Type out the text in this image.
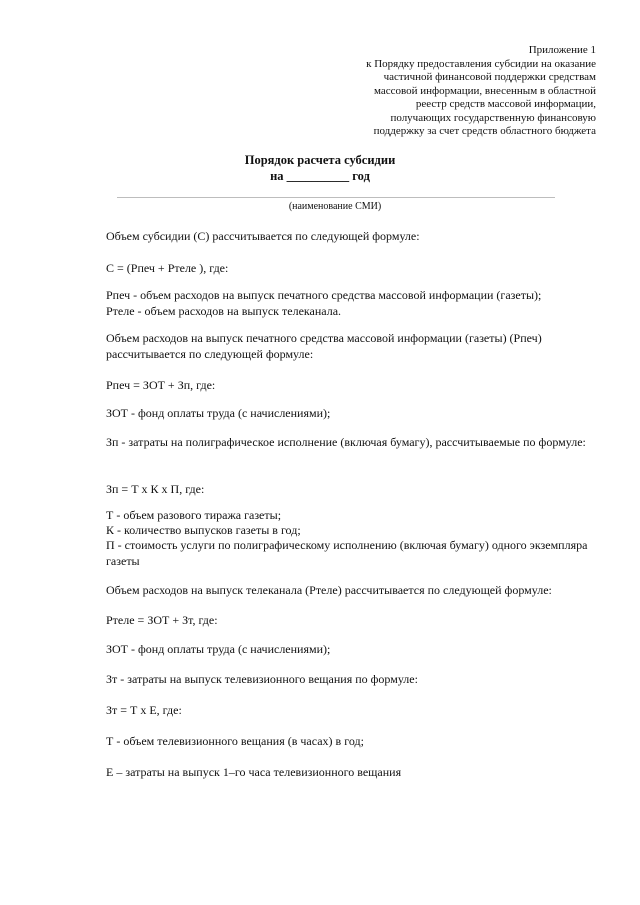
Приложение 1
к Порядку предоставления субсидии на оказание
частичной финансовой поддержки средствам
массовой информации, внесенным в областной
реестр средств массовой информации,
получающих государственную финансовую
поддержку за счет средств областного бюджета
Порядок расчета субсидии
на __________ год
(наименование СМИ)
Объем субсидии (С) рассчитывается по следующей формуле:
С = (Рпеч + Ртеле ), где:
Рпеч - объем расходов на выпуск печатного средства массовой информации (газеты);
Ртеле - объем расходов на выпуск телеканала.
Объем расходов на выпуск печатного средства массовой информации (газеты) (Рпеч) рассчитывается по следующей формуле:
Рпеч = ЗОТ + Зп, где:
ЗОТ - фонд оплаты труда (с начислениями);
Зп - затраты на полиграфическое исполнение (включая бумагу), рассчитываемые по формуле:
Зп = Т х К х П, где:
Т - объем разового тиража газеты;
К - количество выпусков газеты в год;
П - стоимость услуги по полиграфическому исполнению (включая бумагу) одного экземпляра газеты
Объем расходов на выпуск телеканала (Ртеле) рассчитывается по следующей формуле:
Ртеле = ЗОТ + Зт, где:
ЗОТ - фонд оплаты труда (с начислениями);
Зт - затраты на выпуск телевизионного вещания по формуле:
Зт = Т х Е, где:
Т - объем телевизионного вещания (в часах) в год;
Е – затраты на выпуск 1–го часа телевизионного вещания
